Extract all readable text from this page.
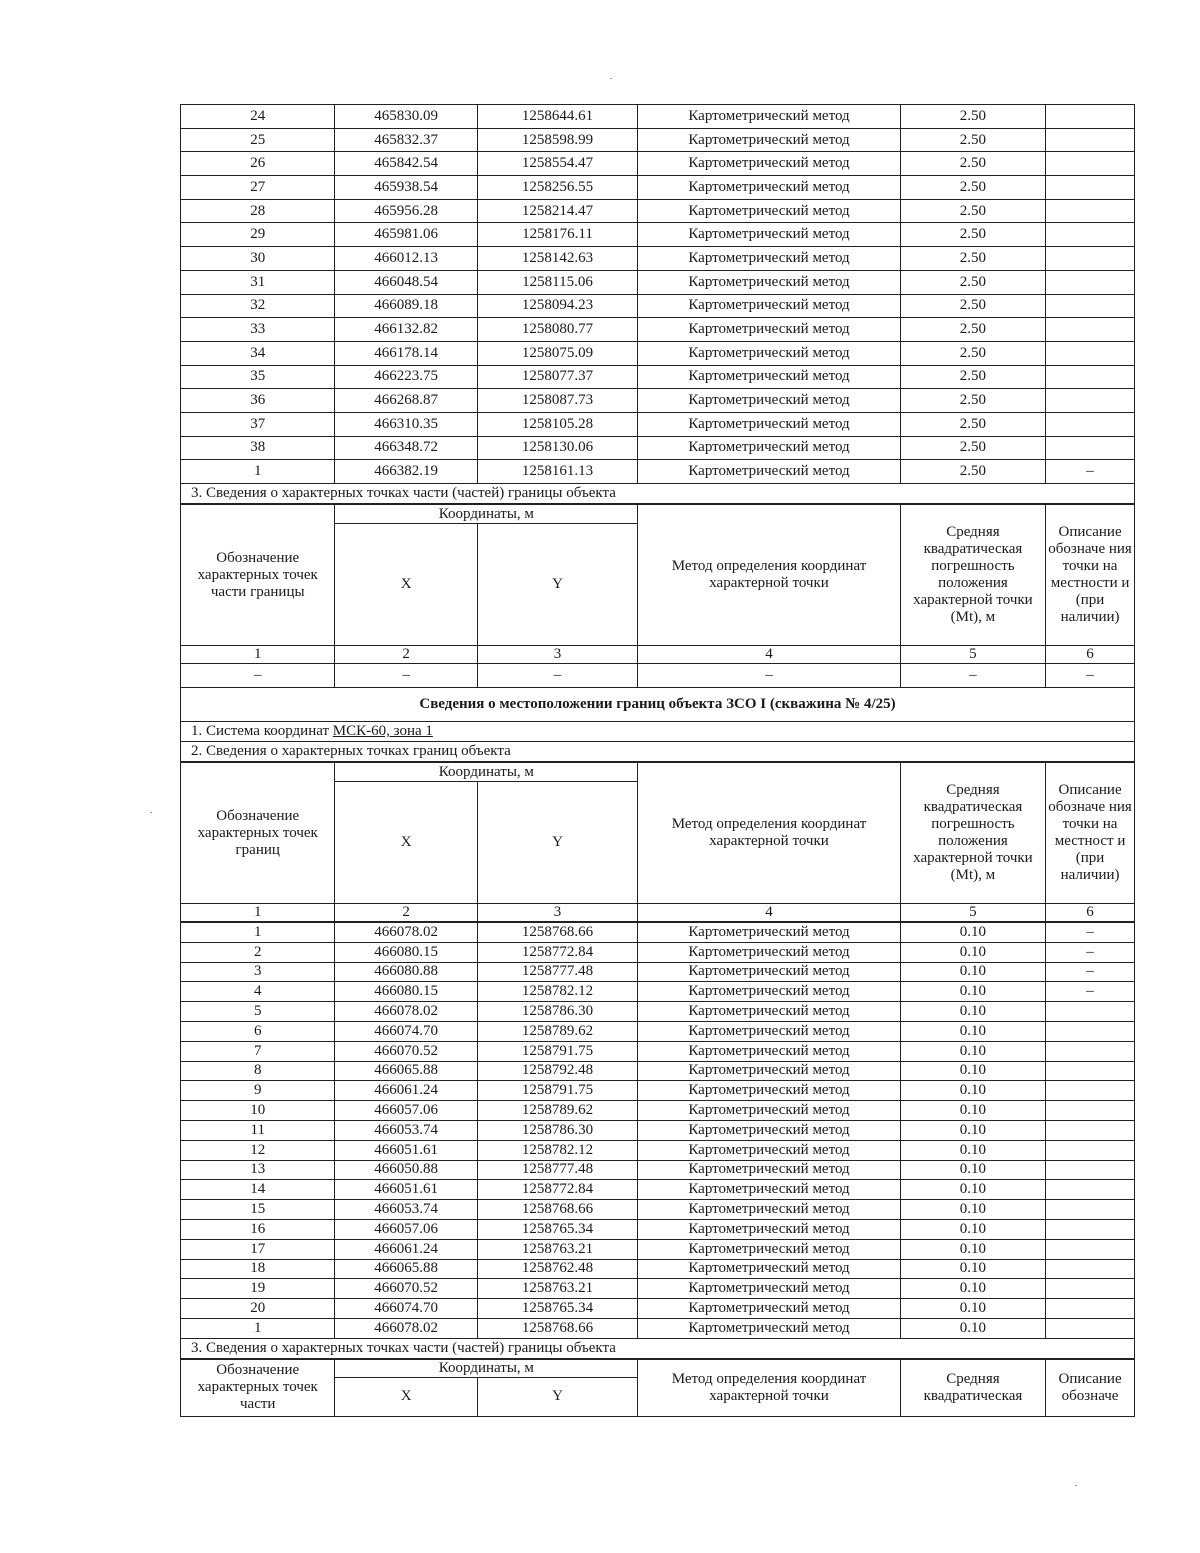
24	465830.09	1258644.61	Картометрический метод	2.50	
25	465832.37	1258598.99	Картометрический метод	2.50	
26	465842.54	1258554.47	Картометрический метод	2.50	
27	465938.54	1258256.55	Картометрический метод	2.50	
28	465956.28	1258214.47	Картометрический метод	2.50	
29	465981.06	1258176.11	Картометрический метод	2.50	
30	466012.13	1258142.63	Картометрический метод	2.50	
31	466048.54	1258115.06	Картометрический метод	2.50	
32	466089.18	1258094.23	Картометрический метод	2.50	
33	466132.82	1258080.77	Картометрический метод	2.50	
34	466178.14	1258075.09	Картометрический метод	2.50	
35	466223.75	1258077.37	Картометрический метод	2.50	
36	466268.87	1258087.73	Картометрический метод	2.50	
37	466310.35	1258105.28	Картометрический метод	2.50	
38	466348.72	1258130.06	Картометрический метод	2.50	
1	466382.19	1258161.13	Картометрический метод	2.50	–
3. Сведения о характерных точках части (частей) границы объекта
Обозначение характерных точек части границы	Координаты, м		Метод определения координат характерной точки	Средняя квадратическая погрешность положения характерной точки (Mt), м	Описание обозначе ния точки на местности и (при наличии)
	X	Y			
1	2	3	4	5	6
–	–	–	–	–	–
Сведения о местоположении границ объекта ЗСО I (скважина № 4/25)
1. Система координат МСК-60, зона 1
2. Сведения о характерных точках границ объекта
Обозначение характерных точек границ	Координаты, м		Метод определения координат характерной точки	Средняя квадратическая погрешность положения характерной точки (Mt), м	Описание обозначе ния точки на местност и (при наличии)
	X	Y			
1	2	3	4	5	6
1	466078.02	1258768.66	Картометрический метод	0.10	–
2	466080.15	1258772.84	Картометрический метод	0.10	–
3	466080.88	1258777.48	Картометрический метод	0.10	–
4	466080.15	1258782.12	Картометрический метод	0.10	–
5	466078.02	1258786.30	Картометрический метод	0.10	
6	466074.70	1258789.62	Картометрический метод	0.10	
7	466070.52	1258791.75	Картометрический метод	0.10	
8	466065.88	1258792.48	Картометрический метод	0.10	
9	466061.24	1258791.75	Картометрический метод	0.10	
10	466057.06	1258789.62	Картометрический метод	0.10	
11	466053.74	1258786.30	Картометрический метод	0.10	
12	466051.61	1258782.12	Картометрический метод	0.10	
13	466050.88	1258777.48	Картометрический метод	0.10	
14	466051.61	1258772.84	Картометрический метод	0.10	
15	466053.74	1258768.66	Картометрический метод	0.10	
16	466057.06	1258765.34	Картометрический метод	0.10	
17	466061.24	1258763.21	Картометрический метод	0.10	
18	466065.88	1258762.48	Картометрический метод	0.10	
19	466070.52	1258763.21	Картометрический метод	0.10	
20	466074.70	1258765.34	Картометрический метод	0.10	
1	466078.02	1258768.66	Картометрический метод	0.10	
3. Сведения о характерных точках части (частей) границы объекта
Обозначение характерных точек части	Координаты, м		Метод определения координат характерной точки	Средняя квадратическая	Описание обозначе
	X	Y			
